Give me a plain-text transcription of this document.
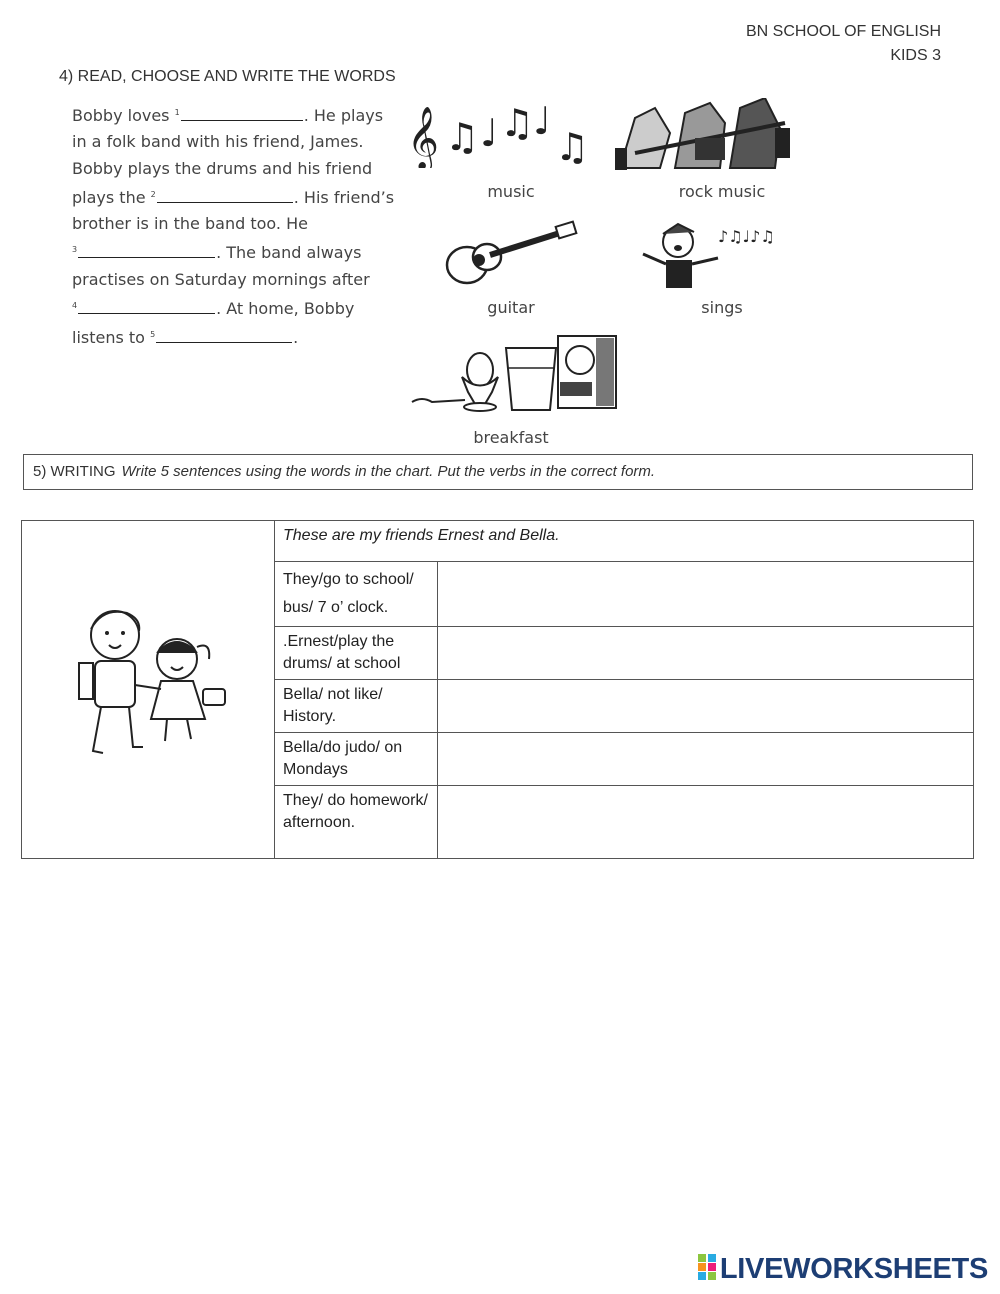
BN SCHOOL OF ENGLISH
KIDS 3
4) READ, CHOOSE AND WRITE THE WORDS
Bobby loves $^1$	. He plays
in a folk band with his friend, James.
Bobby plays the drums and his friend
plays the $^2$	. His friend’s
brother is in the band too. He
$^3$	. The band always
practises on Saturday mornings after
$^4$	. At home, Bobby
listens to $^5$	.
𝄞 ♫ ♩ ♫
♩
♫
music	rock music
♪♫♩♪♫
guitar	sings
breakfast
5) WRITING Write 5 sentences using the words in the chart. Put the verbs in the correct form.
	These are my friends Ernest and Bella.	
	They/go to school/ bus/ 7 o’ clock.	
	.Ernest/play the drums/ at school	
	Bella/ not like/ History.	
	Bella/do judo/ on Mondays	
	They/ do homework/afternoon.	
LIVEWORKSHEETS
